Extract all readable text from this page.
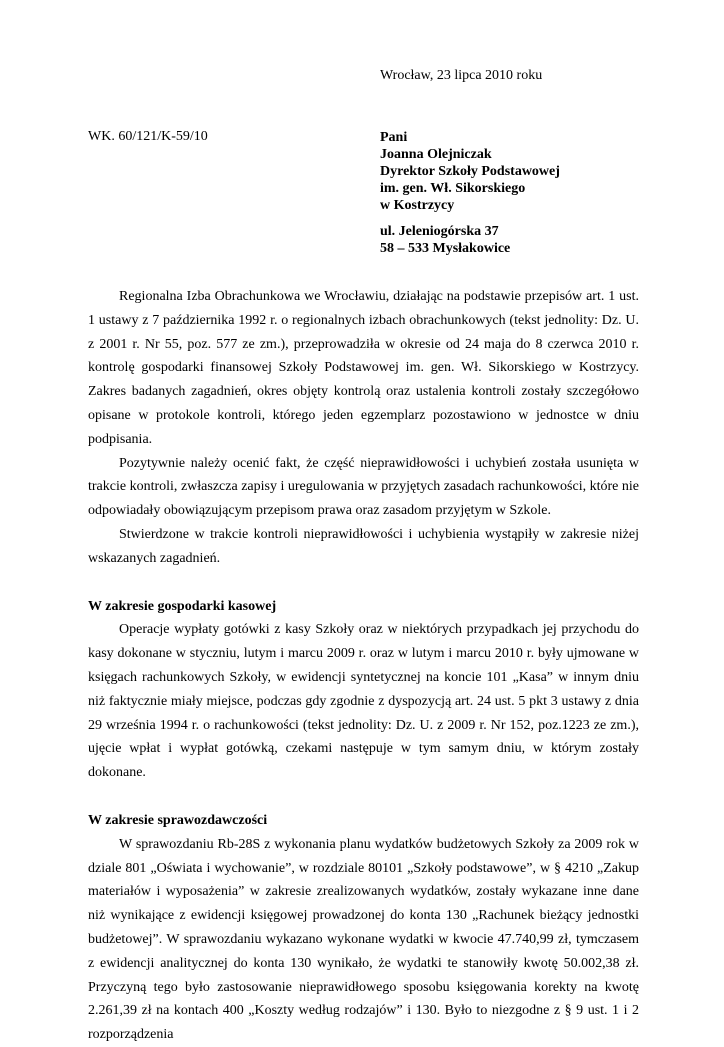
Wrocław, 23 lipca 2010 roku
WK. 60/121/K-59/10	Pani
Joanna Olejniczak
Dyrektor Szkoły Podstawowej
im. gen. Wł. Sikorskiego
w Kostrzycy
ul. Jeleniogórska 37
58 – 533 Mysłakowice

Regionalna Izba Obrachunkowa we Wrocławiu, działając na podstawie przepisów art. 1 ust. 1 ustawy z 7 października 1992 r. o regionalnych izbach obrachunkowych (tekst jednolity: Dz. U. z 2001 r. Nr 55, poz. 577 ze zm.), przeprowadziła w okresie od 24 maja do 8 czerwca 2010 r. kontrolę gospodarki finansowej Szkoły Podstawowej im. gen. Wł. Sikorskiego w Kostrzycy. Zakres badanych zagadnień, okres objęty kontrolą oraz ustalenia kontroli zostały szczegółowo opisane w protokole kontroli, którego jeden egzemplarz pozostawiono w jednostce w dniu podpisania.

Pozytywnie należy ocenić fakt, że część nieprawidłowości i uchybień została usunięta w trakcie kontroli, zwłaszcza zapisy i uregulowania w przyjętych zasadach rachunkowości, które nie odpowiadały obowiązującym przepisom prawa oraz zasadom przyjętym w Szkole.

Stwierdzone w trakcie kontroli nieprawidłowości i uchybienia wystąpiły w zakresie niżej wskazanych zagadnień.

W zakresie gospodarki kasowej

Operacje wypłaty gotówki z kasy Szkoły oraz w niektórych przypadkach jej przychodu do kasy dokonane w styczniu, lutym i marcu 2009 r. oraz w lutym i marcu 2010 r. były ujmowane w księgach rachunkowych Szkoły, w ewidencji syntetycznej na koncie 101 „Kasa” w innym dniu niż faktycznie miały miejsce, podczas gdy zgodnie z dyspozycją art. 24 ust. 5 pkt 3 ustawy z dnia 29 września 1994 r. o rachunkowości (tekst jednolity: Dz. U. z 2009 r. Nr 152, poz.1223 ze zm.), ujęcie wpłat i wypłat gotówką, czekami następuje w tym samym dniu, w którym zostały dokonane.

W zakresie sprawozdawczości

W sprawozdaniu Rb-28S z wykonania planu wydatków budżetowych Szkoły za 2009 rok w dziale 801 „Oświata i wychowanie”, w rozdziale 80101 „Szkoły podstawowe”, w § 4210 „Zakup materiałów i wyposażenia” w zakresie zrealizowanych wydatków, zostały wykazane inne dane niż wynikające z ewidencji księgowej prowadzonej do konta 130 „Rachunek bieżący jednostki budżetowej”. W sprawozdaniu wykazano wykonane wydatki w kwocie 47.740,99 zł, tymczasem z ewidencji analitycznej do konta 130 wynikało, że wydatki te stanowiły kwotę 50.002,38 zł. Przyczyną tego było zastosowanie nieprawidłowego sposobu księgowania korekty na kwotę 2.261,39 zł na kontach 400 „Koszty według rodzajów” i 130. Było to niezgodne z § 9 ust. 1 i 2 rozporządzenia
